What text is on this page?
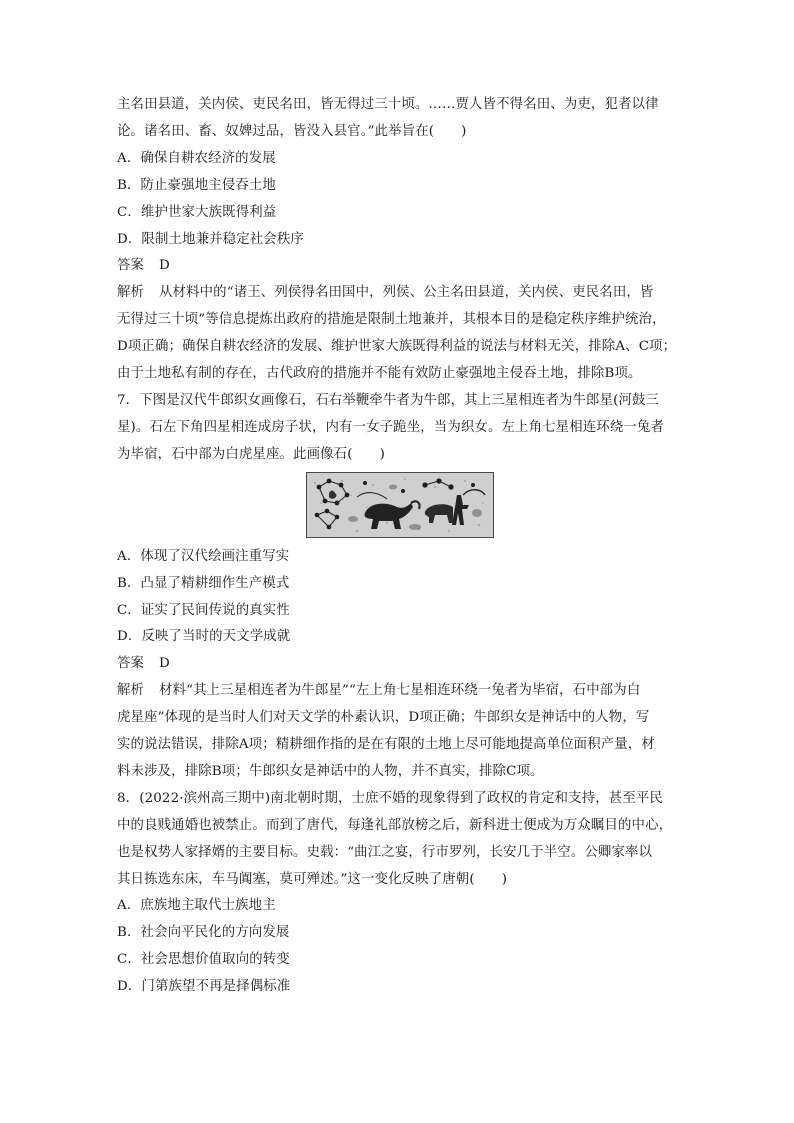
主名田县道，关内侯、吏民名田，皆无得过三十顷。……贾人皆不得名田、为吏，犯者以律
论。诸名田、畜、奴婢过品，皆没入县官。”此举旨在(　　)
A．确保自耕农经济的发展
B．防止豪强地主侵吞土地
C．维护世家大族既得利益
D．限制土地兼并稳定社会秩序
答案 D
解析 从材料中的“诸王、列侯得名田国中，列侯、公主名田县道，关内侯、吏民名田，皆
无得过三十顷”等信息提炼出政府的措施是限制土地兼并，其根本目的是稳定秩序维护统治，
D项正确；确保自耕农经济的发展、维护世家大族既得利益的说法与材料无关，排除A、C项；
由于土地私有制的存在，古代政府的措施并不能有效防止豪强地主侵吞土地，排除B项。
7．下图是汉代牛郎织女画像石，石右举鞭牵牛者为牛郎，其上三星相连者为牛郎星(河鼓三
星)。石左下角四星相连成房子状，内有一女子跪坐，当为织女。左上角七星相连环绕一兔者
为毕宿，石中部为白虎星座。此画像石(　　)
A．体现了汉代绘画注重写实
B．凸显了精耕细作生产模式
C．证实了民间传说的真实性
D．反映了当时的天文学成就
答案 D
解析 材料“其上三星相连者为牛郎星”“左上角七星相连环绕一兔者为毕宿，石中部为白
虎星座”体现的是当时人们对天文学的朴素认识，D项正确；牛郎织女是神话中的人物，写
实的说法错误，排除A项；精耕细作指的是在有限的土地上尽可能地提高单位面积产量，材
料未涉及，排除B项；牛郎织女是神话中的人物，并不真实，排除C项。
8．(2022·滨州高三期中)南北朝时期，士庶不婚的现象得到了政权的肯定和支持，甚至平民
中的良贱通婚也被禁止。而到了唐代，每逢礼部放榜之后，新科进士便成为万众瞩目的中心，
也是权势人家择婿的主要目标。史载：“曲江之宴，行市罗列，长安几于半空。公卿家率以
其日拣选东床，车马阗塞，莫可殚述。”这一变化反映了唐朝(　　)
A．庶族地主取代士族地主
B．社会向平民化的方向发展
C．社会思想价值取向的转变
D．门第族望不再是择偶标准
